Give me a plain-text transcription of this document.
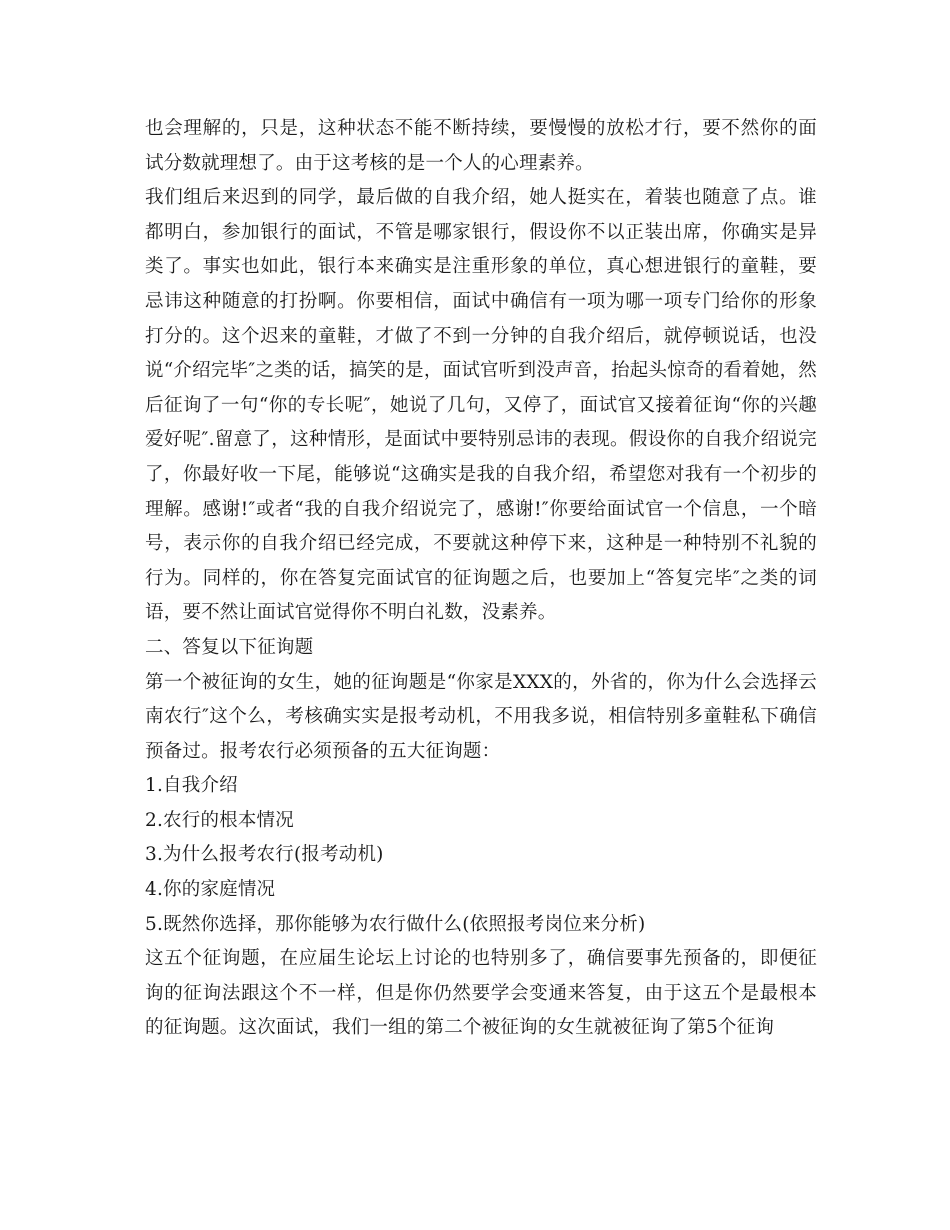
也会理解的，只是，这种状态不能不断持续，要慢慢的放松才行，要不然你的面试分数就理想了。由于这考核的是一个人的心理素养。

我们组后来迟到的同学，最后做的自我介绍，她人挺实在，着装也随意了点。谁都明白，参加银行的面试，不管是哪家银行，假设你不以正装出席，你确实是异类了。事实也如此，银行本来确实是注重形象的单位，真心想进银行的童鞋，要忌讳这种随意的打扮啊。你要相信，面试中确信有一项为哪一项专门给你的形象打分的。这个迟来的童鞋，才做了不到一分钟的自我介绍后，就停顿说话，也没说“介绍完毕″之类的话，搞笑的是，面试官听到没声音，抬起头惊奇的看着她，然后征询了一句“你的专长呢″，她说了几句，又停了，面试官又接着征询“你的兴趣爱好呢″.留意了，这种情形，是面试中要特别忌讳的表现。假设你的自我介绍说完了，你最好收一下尾，能够说“这确实是我的自我介绍，希望您对我有一个初步的理解。感谢!″或者“我的自我介绍说完了，感谢!″你要给面试官一个信息，一个暗号，表示你的自我介绍已经完成，不要就这种停下来，这种是一种特别不礼貌的行为。同样的，你在答复完面试官的征询题之后，也要加上“答复完毕″之类的词语，要不然让面试官觉得你不明白礼数，没素养。

二、答复以下征询题

第一个被征询的女生，她的征询题是“你家是XXX的，外省的，你为什么会选择云南农行″这个么，考核确实实是报考动机，不用我多说，相信特别多童鞋私下确信预备过。报考农行必须预备的五大征询题：

1.自我介绍

2.农行的根本情况

3.为什么报考农行(报考动机)

4.你的家庭情况

5.既然你选择，那你能够为农行做什么(依照报考岗位来分析)

这五个征询题，在应届生论坛上讨论的也特别多了，确信要事先预备的，即便征询的征询法跟这个不一样，但是你仍然要学会变通来答复，由于这五个是最根本的征询题。这次面试，我们一组的第二个被征询的女生就被征询了第5个征询
